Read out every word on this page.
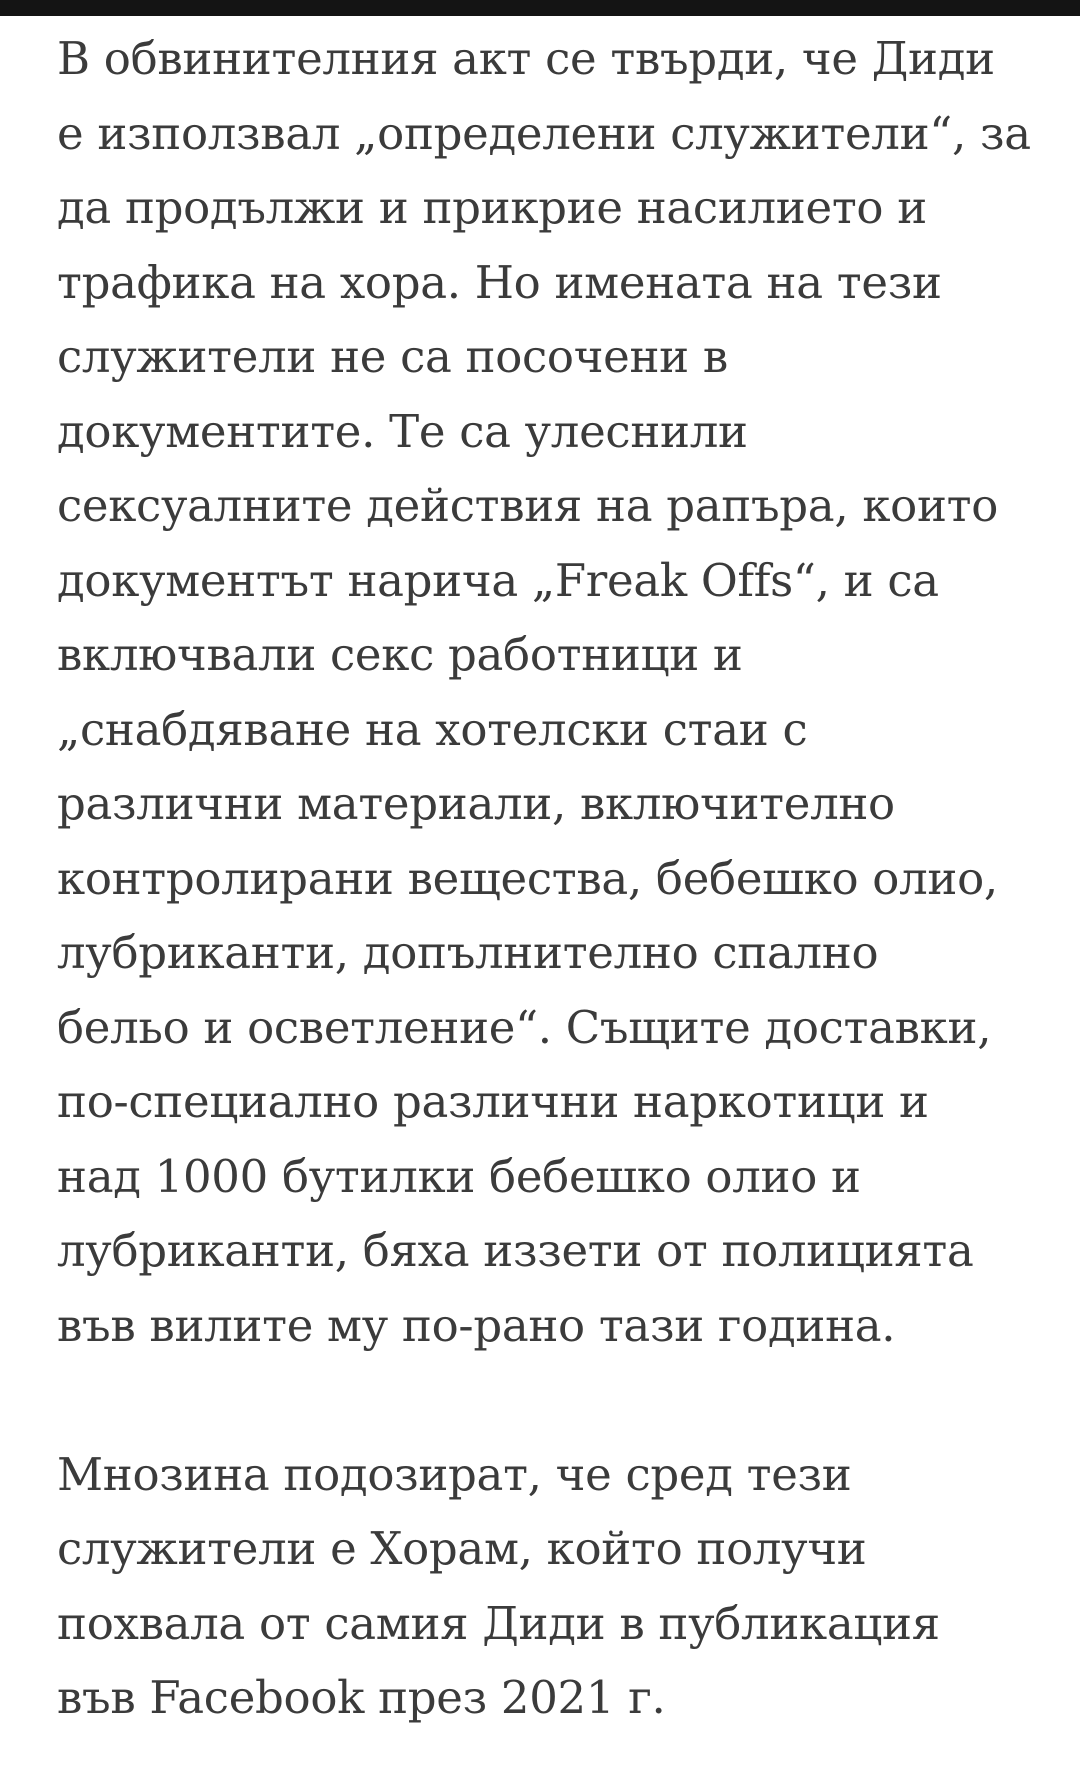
В обвинителния акт се твърди, че Диди
е използвал „определени служители“, за
да продължи и прикрие насилието и
трафика на хора. Но имената на тези
служители не са посочени в
документите. Те са улеснили
сексуалните действия на рапъра, които
документът нарича „Freak Offs“, и са
включвали секс работници и
„снабдяване на хотелски стаи с
различни материали, включително
контролирани вещества, бебешко олио,
лубриканти, допълнително спално
бельо и осветление“. Същите доставки,
по-специално различни наркотици и
над 1000 бутилки бебешко олио и
лубриканти, бяха иззети от полицията
във вилите му по-рано тази година.

Мнозина подозират, че сред тези
служители е Хорам, който получи
похвала от самия Диди в публикация
във Facebook през 2021 г.
